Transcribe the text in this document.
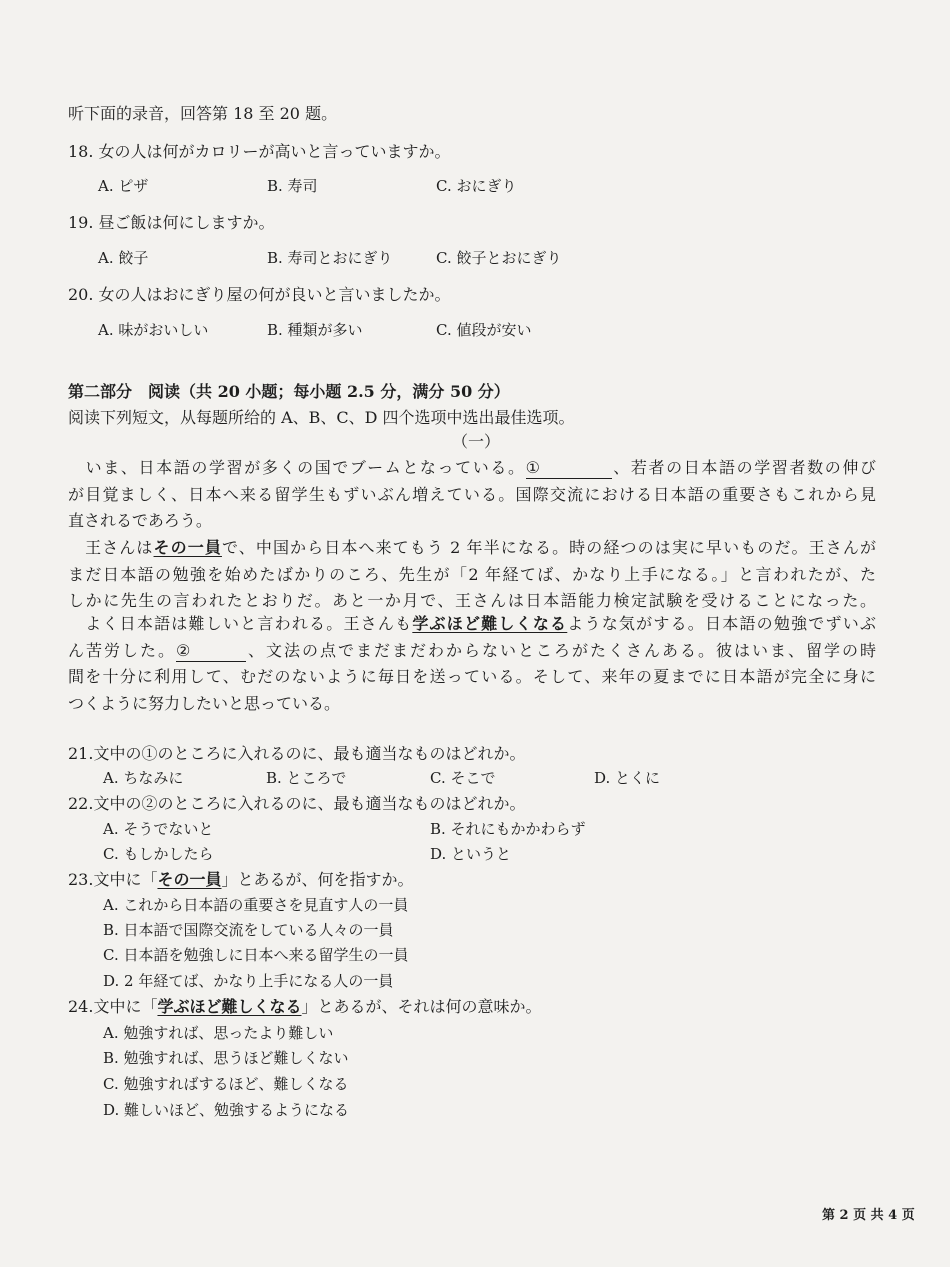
听下面的录音，回答第 18 至 20 题。
18. 女の人は何がカロリーが高いと言っていますか。
A. ピザ	B. 寿司	C. おにぎり
19. 昼ご飯は何にしますか。
A. 餃子	B. 寿司とおにぎり	C. 餃子とおにぎり
20. 女の人はおにぎり屋の何が良いと言いましたか。
A. 味がおいしい	B. 種類が多い	C. 値段が安い
第二部分　阅读（共 20 小题；每小题 2.5 分，满分 50 分）
阅读下列短文，从每题所给的 A、B、C、D 四个选项中选出最佳选项。
（一）
いま、日本語の学習が多くの国でブームとなっている。①	、若者の日本語の学習者数の伸び
が目覚ましく、日本へ来る留学生もずいぶん増えている。国際交流における日本語の重要さもこれから見
直されるであろう。
王さんはその一員で、中国から日本へ来てもう 2 年半になる。時の経つのは実に早いものだ。王さんが
まだ日本語の勉強を始めたばかりのころ、先生が「2 年経てば、かなり上手になる。」と言われたが、た
しかに先生の言われたとおりだ。あと一か月で、王さんは日本語能力検定試験を受けることになった。
よく日本語は難しいと言われる。王さんも学ぶほど難しくなるような気がする。日本語の勉強でずいぶ
ん苦労した。②	、文法の点でまだまだわからないところがたくさんある。彼はいま、留学の時
間を十分に利用して、むだのないように毎日を送っている。そして、来年の夏までに日本語が完全に身に
つくように努力したいと思っている。
21.文中の①のところに入れるのに、最も適当なものはどれか。
A. ちなみに	B. ところで	C. そこで	D. とくに
22.文中の②のところに入れるのに、最も適当なものはどれか。
A. そうでないと	B. それにもかかわらず
C. もしかしたら	D. というと
23.文中に「その一員」とあるが、何を指すか。
A. これから日本語の重要さを見直す人の一員
B. 日本語で国際交流をしている人々の一員
C. 日本語を勉強しに日本へ来る留学生の一員
D. 2 年経てば、かなり上手になる人の一員
24.文中に「学ぶほど難しくなる」とあるが、それは何の意味か。
A. 勉強すれば、思ったより難しい
B. 勉強すれば、思うほど難しくない
C. 勉強すればするほど、難しくなる
D. 難しいほど、勉強するようになる
第 2 页 共 4 页
